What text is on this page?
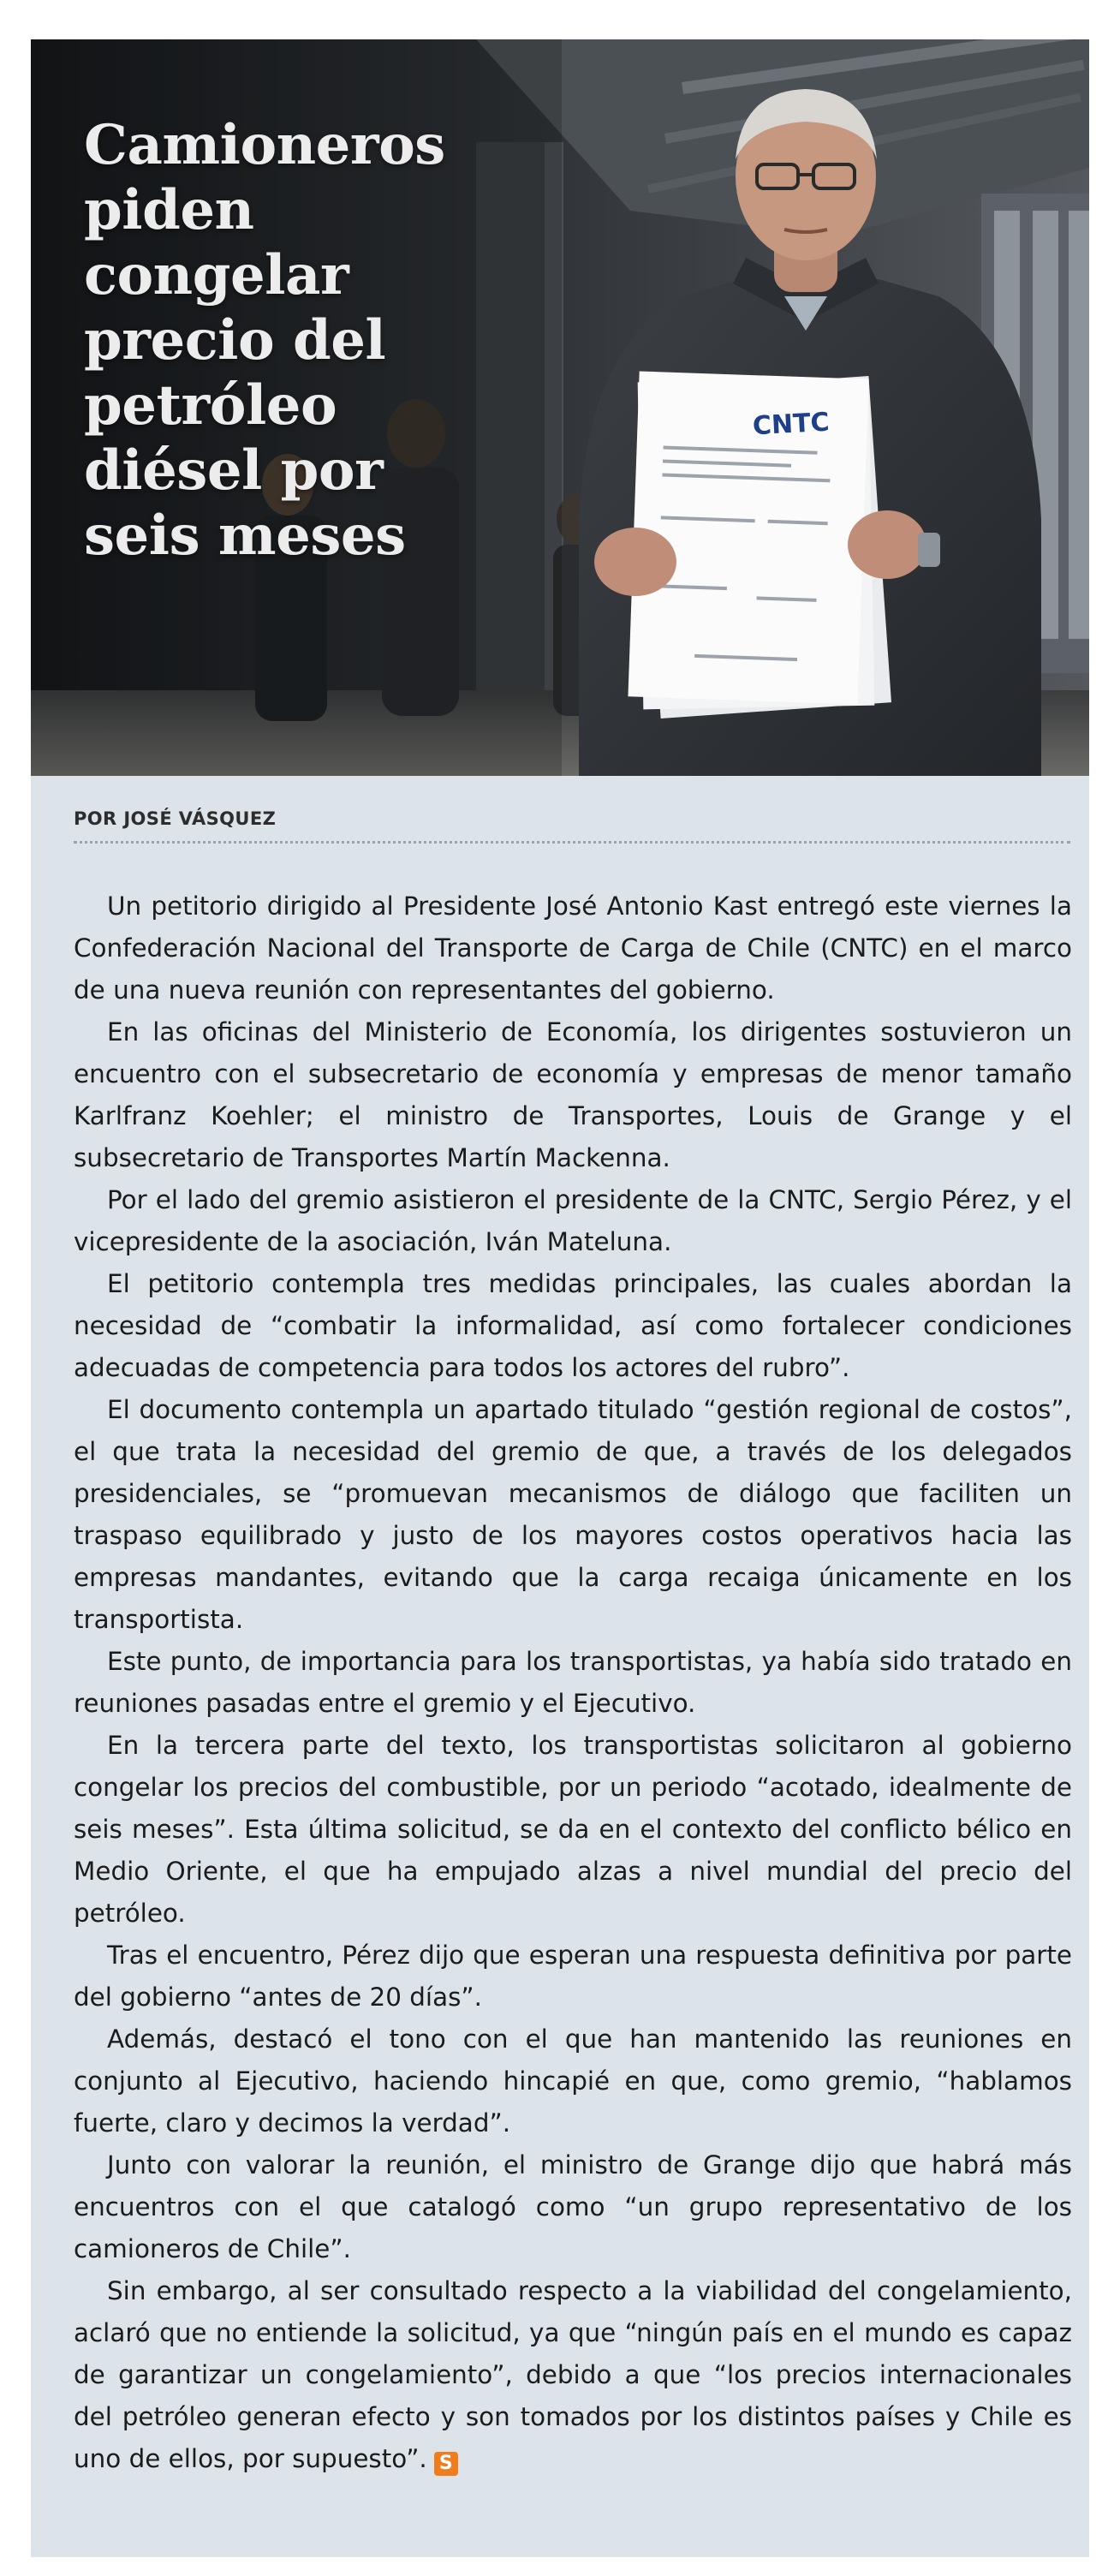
CNTC
Camioneros
piden
congelar
precio del
petróleo
diésel por
seis meses
POR JOSÉ VÁSQUEZ

Un petitorio dirigido al Presidente José Antonio Kast entregó este viernes la Confederación Nacional del Transporte de Carga de Chile (CNTC) en el marco de una nueva reunión con representantes del gobierno.

En las oficinas del Ministerio de Economía, los dirigentes sostuvieron un encuentro con el subsecretario de economía y empresas de menor tamaño Karlfranz Koehler; el ministro de Transportes, Louis de Grange y el subsecretario de Transportes Martín Mackenna.

Por el lado del gremio asistieron el presidente de la CNTC, Sergio Pérez, y el vicepresidente de la asociación, Iván Mateluna.

El petitorio contempla tres medidas principales, las cuales abordan la necesidad de “combatir la informalidad, así como fortalecer condiciones adecuadas de competencia para todos los actores del rubro”.

El documento contempla un apartado titulado “gestión regional de costos”, el que trata la necesidad del gremio de que, a través de los delegados presidenciales, se “promuevan mecanismos de diálogo que faciliten un traspaso equilibrado y justo de los mayores costos operativos hacia las empresas mandantes, evitando que la carga recaiga únicamente en los transportista.

Este punto, de importancia para los transportistas, ya había sido tratado en reuniones pasadas entre el gremio y el Ejecutivo.

En la tercera parte del texto, los transportistas solicitaron al gobierno congelar los precios del combustible, por un periodo “acotado, idealmente de seis meses”. Esta última solicitud, se da en el contexto del conflicto bélico en Medio Oriente, el que ha empujado alzas a nivel mundial del precio del petróleo.

Tras el encuentro, Pérez dijo que esperan una respuesta definitiva por parte del gobierno “antes de 20 días”.

Además, destacó el tono con el que han mantenido las reuniones en conjunto al Ejecutivo, haciendo hincapié en que, como gremio, “hablamos fuerte, claro y decimos la verdad”.

Junto con valorar la reunión, el ministro de Grange dijo que habrá más encuentros con el que catalogó como “un grupo representativo de los camioneros de Chile”.

Sin embargo, al ser consultado respecto a la viabilidad del congelamiento, aclaró que no entiende la solicitud, ya que “ningún país en el mundo es capaz de garantizar un congelamiento”, debido a que “los precios internacionales del petróleo generan efecto y son tomados por los distintos países y Chile es uno de ellos, por supuesto”. S
